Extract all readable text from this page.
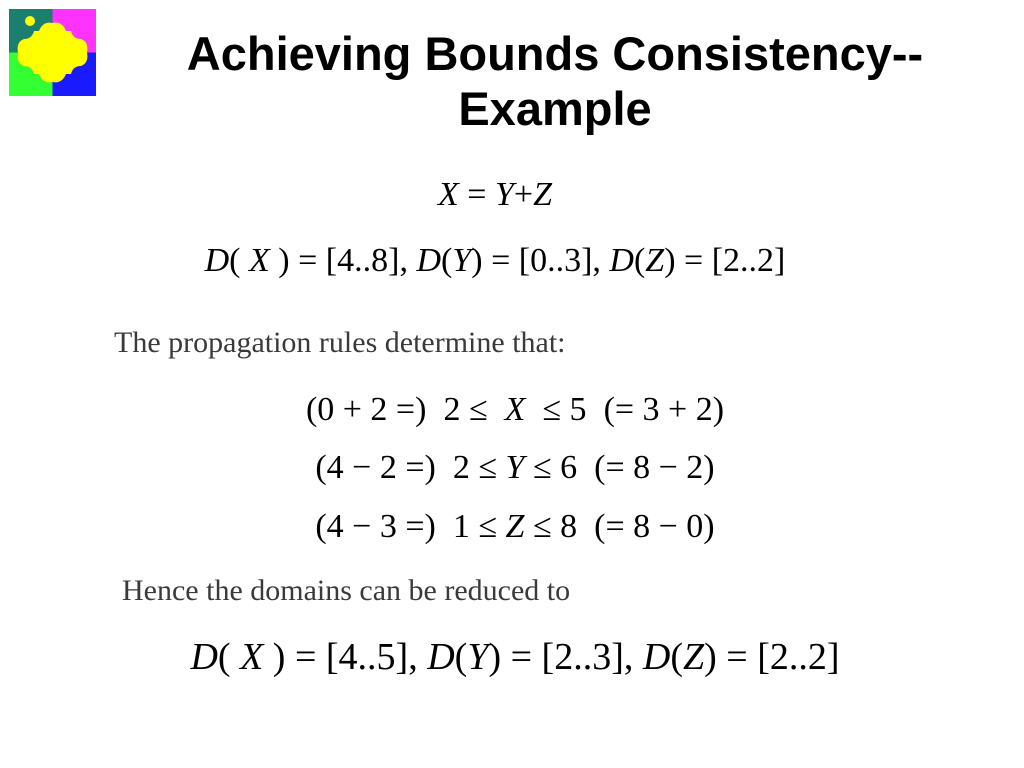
Achieving Bounds Consistency--
Example
X = Y+Z
D( X ) = [4..8], D(Y) = [0..3], D(Z) = [2..2]
The propagation rules determine that:
(0 + 2 =) 2 ≤ X ≤ 5 (= 3 + 2)
(4 − 2 =) 2 ≤ Y ≤ 6 (= 8 − 2)
(4 − 3 =) 1 ≤ Z ≤ 8 (= 8 − 0)
Hence the domains can be reduced to
D( X ) = [4..5], D(Y) = [2..3], D(Z) = [2..2]
